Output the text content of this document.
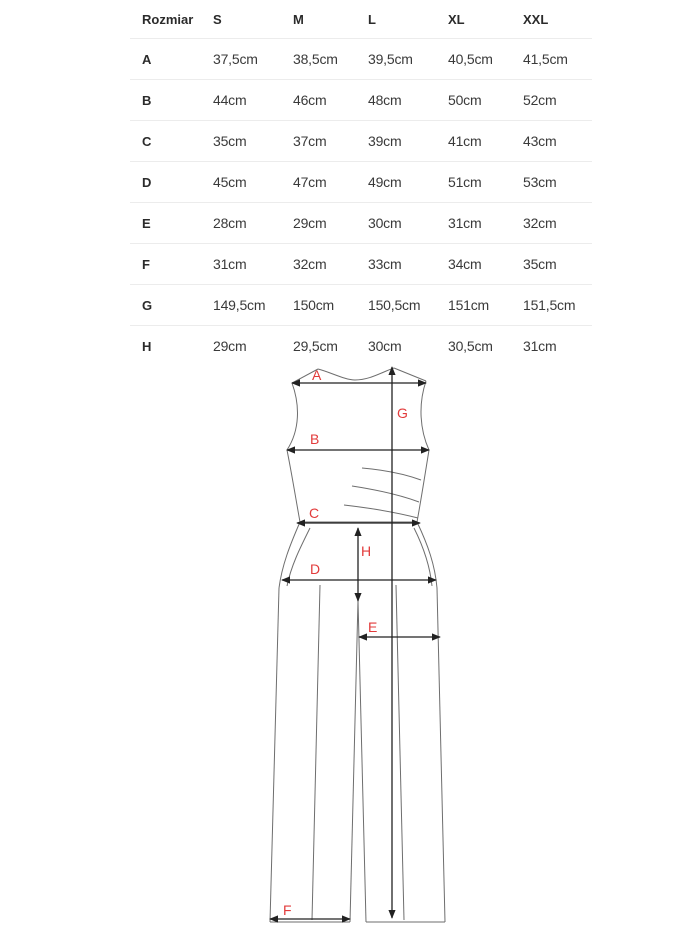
Rozmiar	S	M	L	XL	XXL
A	37,5cm	38,5cm	39,5cm	40,5cm	41,5cm
B	44cm	46cm	48cm	50cm	52cm
C	35cm	37cm	39cm	41cm	43cm
D	45cm	47cm	49cm	51cm	53cm
E	28cm	29cm	30cm	31cm	32cm
F	31cm	32cm	33cm	34cm	35cm
G	149,5cm	150cm	150,5cm	151cm	151,5cm
H	29cm	29,5cm	30cm	30,5cm	31cm
A
B
C
D
E
F
G
H
